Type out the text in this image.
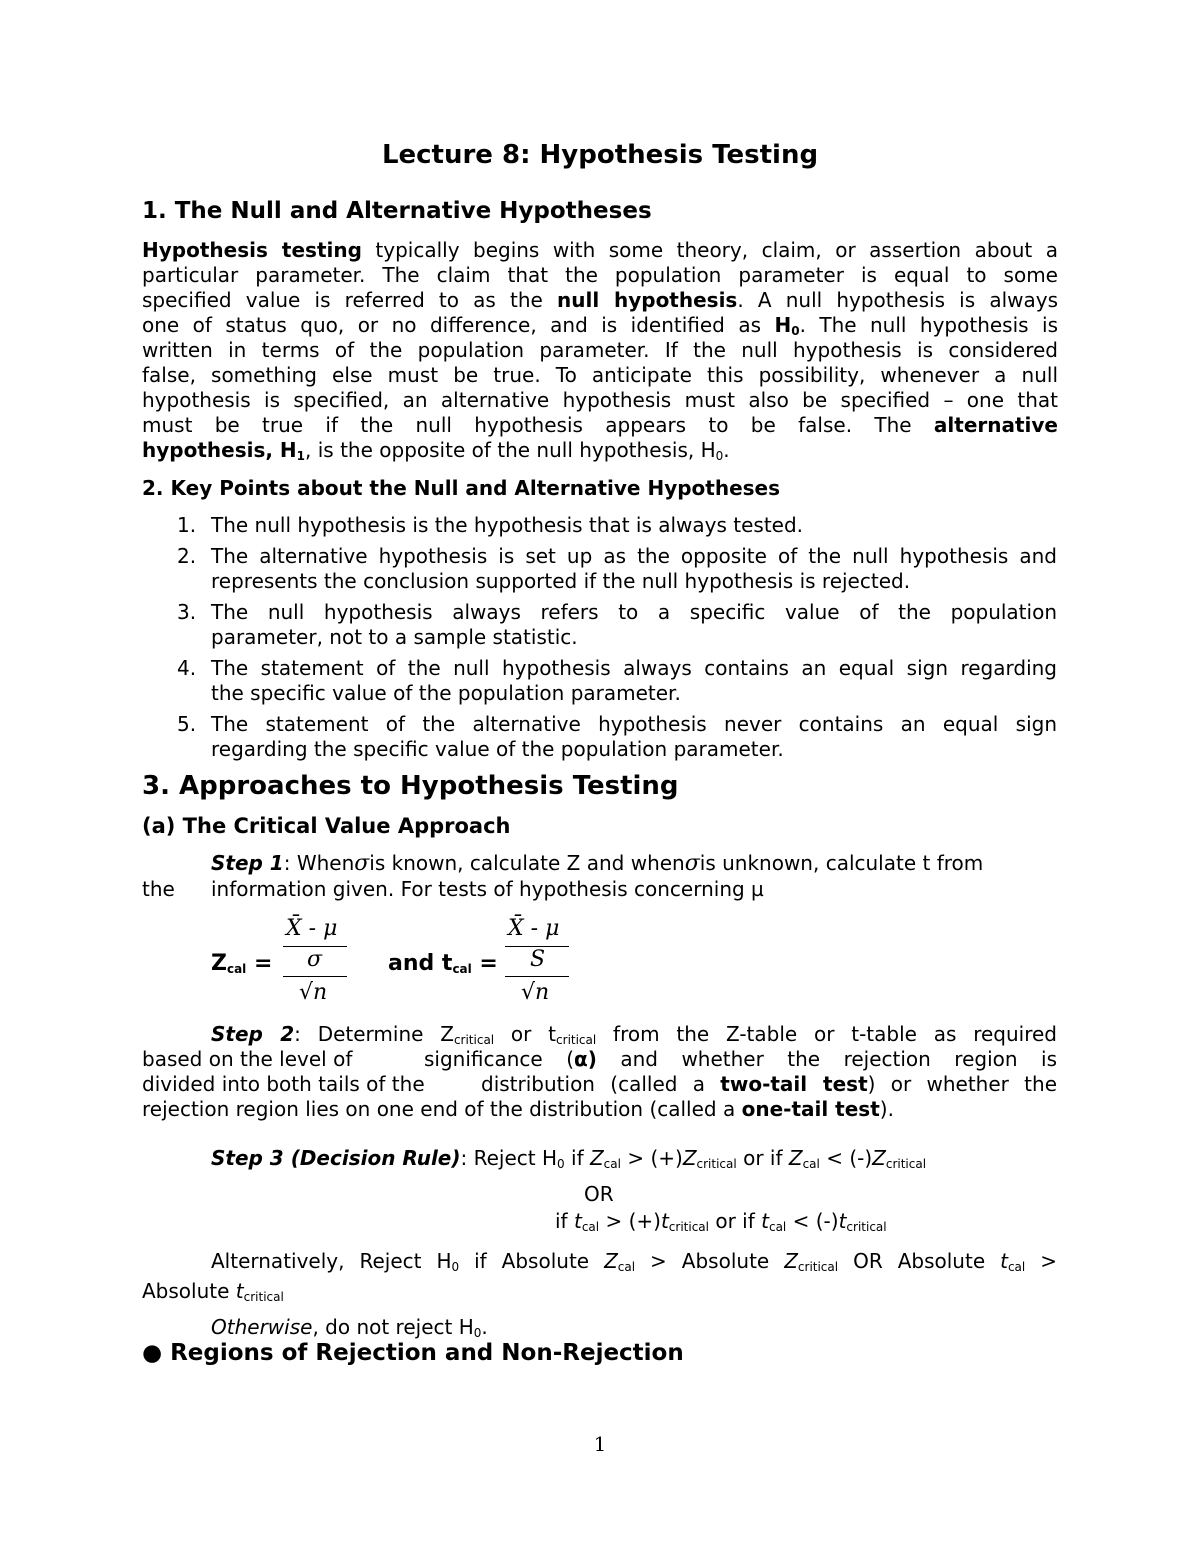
Lecture 8: Hypothesis Testing
1. The Null and Alternative Hypotheses
Hypothesis testing typically begins with some theory, claim, or assertion about a
particular parameter. The claim that the population parameter is equal to some
specified value is referred to as the null hypothesis. A null hypothesis is always
one of status quo, or no difference, and is identified as $H_0$. The null hypothesis is
written in terms of the population parameter. If the null hypothesis is considered
false, something else must be true. To anticipate this possibility, whenever a null
hypothesis is specified, an alternative hypothesis must also be specified – one that
must be true if the null hypothesis appears to be false. The alternative
hypothesis, $H_1$, is the opposite of the null hypothesis, $H_0$.
2. Key Points about the Null and Alternative Hypotheses
1. The null hypothesis is the hypothesis that is always tested.
2. The alternative hypothesis is set up as the opposite of the null hypothesis and
represents the conclusion supported if the null hypothesis is rejected.
3. The null hypothesis always refers to a specific value of the population
parameter, not to a sample statistic.
4. The statement of the null hypothesis always contains an equal sign regarding
the specific value of the population parameter.
5. The statement of the alternative hypothesis never contains an equal sign
regarding the specific value of the population parameter.
3. Approaches to Hypothesis Testing
(a) The Critical Value Approach
Step 1: Whenσis known, calculate Z and whenσis unknown, calculate t from
the information given. For tests of hypothesis concerning µ
$Z_{cal}$ =
X̄ - μ
σ
√n
and $t_{cal}$ =
X̄ - μ
S
√n
Step 2: Determine $Z_{critical}$ or $t_{critical}$ from the Z-table or t-table as required
based on the level of	significance (α) and whether the rejection region is
divided into both tails of the	distribution (called a two-tail test) or whether the
rejection region lies on one end of the distribution (called a one-tail test).
Step 3 (Decision Rule): Reject $H_0$ if $Z_{cal} > (+)Z_{critical}$ or if $Z_{cal} < (-)Z_{critical}$
OR
if $t_{cal} > (+)t_{critical}$ or if $t_{cal} < (-)t_{critical}$
Alternatively, Reject $H_0$ if Absolute $Z_{cal}$ > Absolute $Z_{critical}$ OR Absolute $t_{cal}$ >
Absolute $t_{critical}$
Otherwise, do not reject $H_0$.
● Regions of Rejection and Non-Rejection
1
